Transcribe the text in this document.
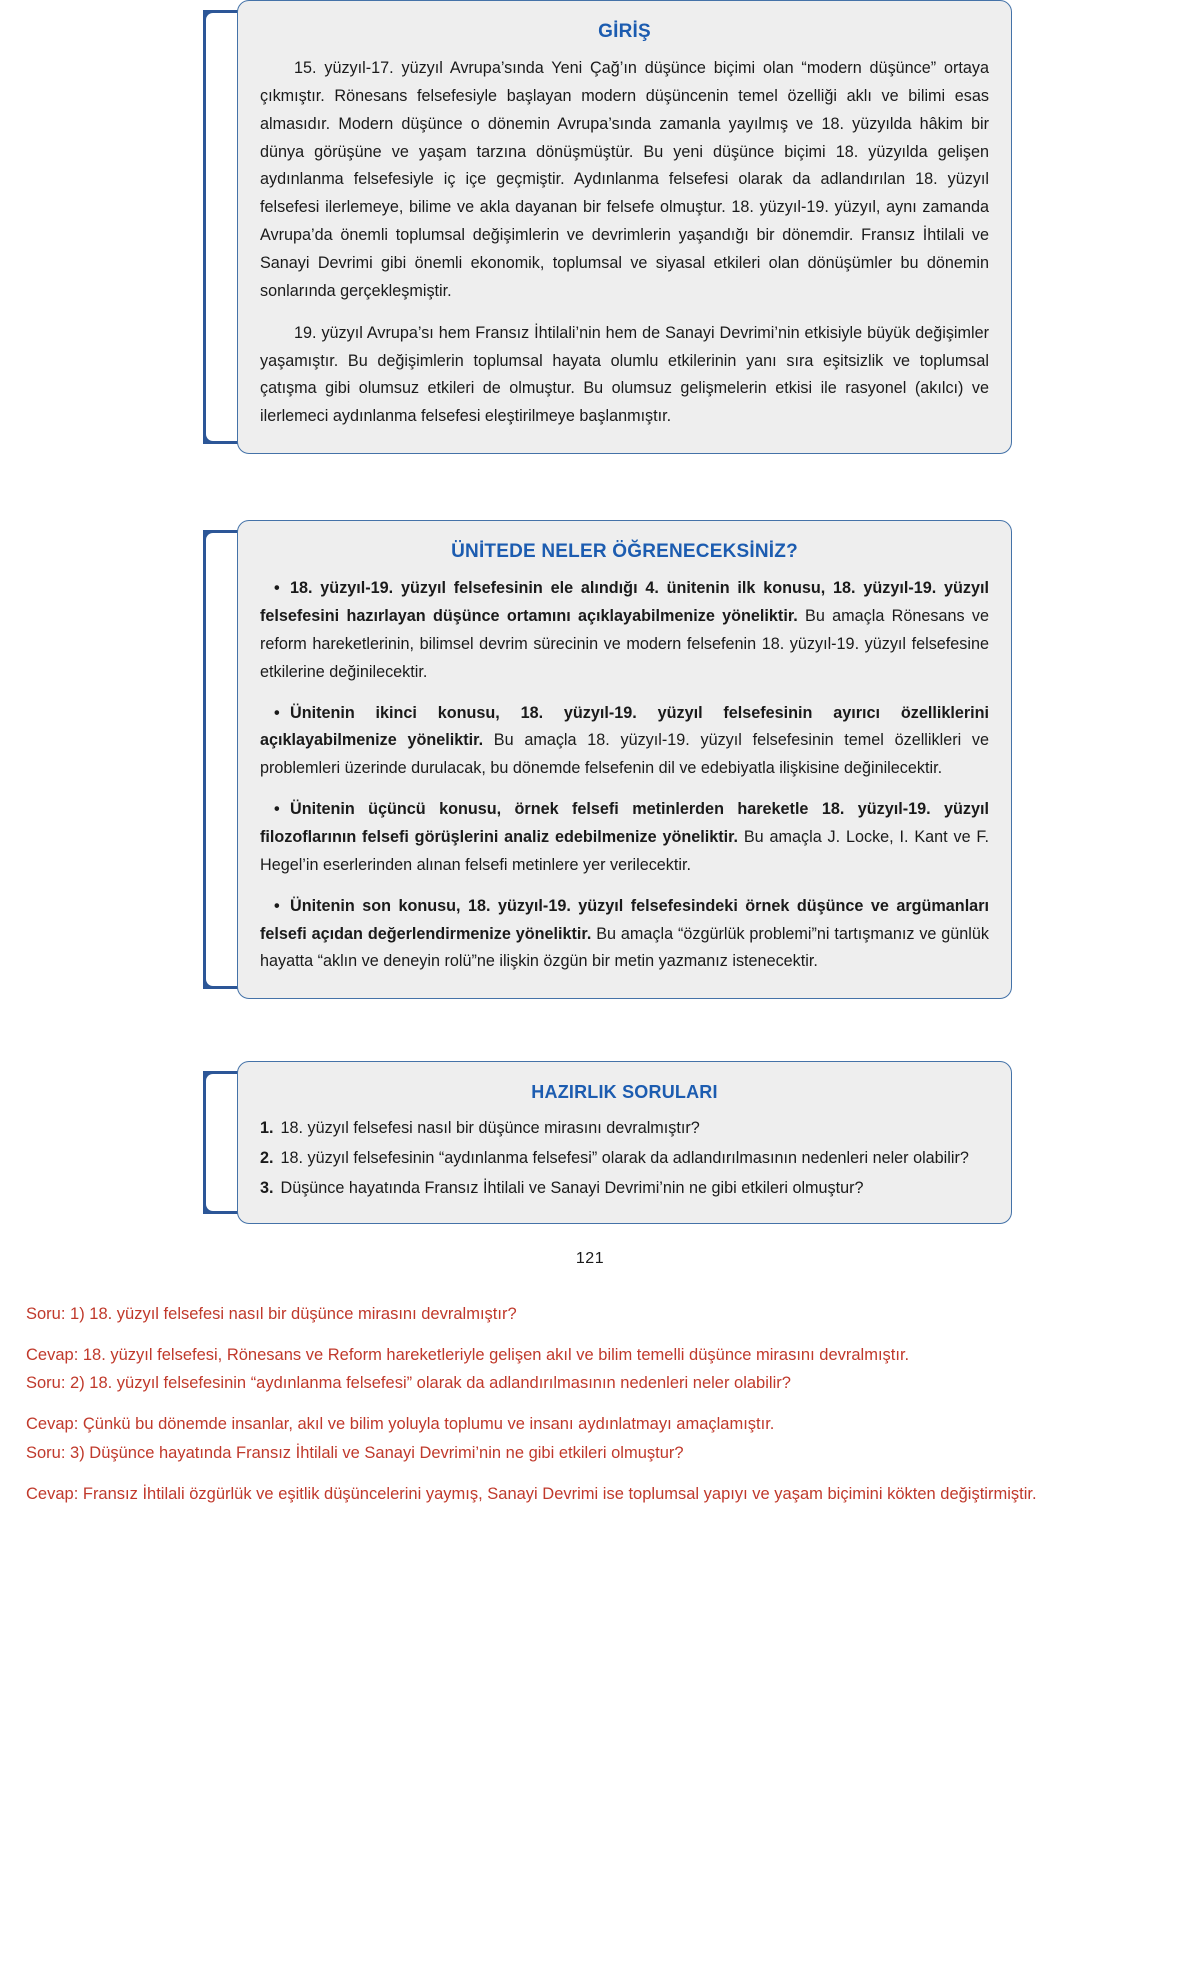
GİRİŞ

15. yüzyıl-17. yüzyıl Avrupa’sında Yeni Çağ’ın düşünce biçimi olan “modern düşünce” ortaya çıkmıştır. Rönesans felsefesiyle başlayan modern düşüncenin temel özelliği aklı ve bilimi esas almasıdır. Modern düşünce o dönemin Avrupa’sında zamanla yayılmış ve 18. yüzyılda hâkim bir dünya görüşüne ve yaşam tarzına dönüşmüştür. Bu yeni düşünce biçimi 18. yüzyılda gelişen aydınlanma felsefesiyle iç içe geçmiştir. Aydınlanma felsefesi olarak da adlandırılan 18. yüzyıl felsefesi ilerlemeye, bilime ve akla dayanan bir felsefe olmuştur. 18. yüzyıl-19. yüzyıl, aynı zamanda Avrupa’da önemli toplumsal değişimlerin ve devrimlerin yaşandığı bir dönemdir. Fransız İhtilali ve Sanayi Devrimi gibi önemli ekonomik, toplumsal ve siyasal etkileri olan dönüşümler bu dönemin sonlarında gerçekleşmiştir.

19. yüzyıl Avrupa’sı hem Fransız İhtilali’nin hem de Sanayi Devrimi’nin etkisiyle büyük değişimler yaşamıştır. Bu değişimlerin toplumsal hayata olumlu etkilerinin yanı sıra eşitsizlik ve toplumsal çatışma gibi olumsuz etkileri de olmuştur. Bu olumsuz gelişmelerin etkisi ile rasyonel (akılcı) ve ilerlemeci aydınlanma felsefesi eleştirilmeye başlanmıştır.

ÜNİTEDE NELER ÖĞRENECEKSİNİZ?

• 18. yüzyıl-19. yüzyıl felsefesinin ele alındığı 4. ünitenin ilk konusu, 18. yüzyıl-19. yüzyıl felsefesini hazırlayan düşünce ortamını açıklayabilmenize yöneliktir. Bu amaçla Rönesans ve reform hareketlerinin, bilimsel devrim sürecinin ve modern felsefenin 18. yüzyıl-19. yüzyıl felsefesine etkilerine değinilecektir.

• Ünitenin ikinci konusu, 18. yüzyıl-19. yüzyıl felsefesinin ayırıcı özelliklerini açıklayabilmenize yöneliktir. Bu amaçla 18. yüzyıl-19. yüzyıl felsefesinin temel özellikleri ve problemleri üzerinde durulacak, bu dönemde felsefenin dil ve edebiyatla ilişkisine değinilecektir.

• Ünitenin üçüncü konusu, örnek felsefi metinlerden hareketle 18. yüzyıl-19. yüzyıl filozoflarının felsefi görüşlerini analiz edebilmenize yöneliktir. Bu amaçla J. Locke, I. Kant ve F. Hegel’in eserlerinden alınan felsefi metinlere yer verilecektir.

• Ünitenin son konusu, 18. yüzyıl-19. yüzyıl felsefesindeki örnek düşünce ve argümanları felsefi açıdan değerlendirmenize yöneliktir. Bu amaçla “özgürlük problemi”ni tartışmanız ve günlük hayatta “aklın ve deneyin rolü”ne ilişkin özgün bir metin yazmanız istenecektir.

HAZIRLIK SORULARI

1. 18. yüzyıl felsefesi nasıl bir düşünce mirasını devralmıştır?

2. 18. yüzyıl felsefesinin “aydınlanma felsefesi” olarak da adlandırılmasının nedenleri neler olabilir?

3. Düşünce hayatında Fransız İhtilali ve Sanayi Devrimi’nin ne gibi etkileri olmuştur?

121
Soru: 1) 18. yüzyıl felsefesi nasıl bir düşünce mirasını devralmıştır?
Cevap: 18. yüzyıl felsefesi, Rönesans ve Reform hareketleriyle gelişen akıl ve bilim temelli düşünce mirasını devralmıştır.
Soru: 2) 18. yüzyıl felsefesinin “aydınlanma felsefesi” olarak da adlandırılmasının nedenleri neler olabilir?
Cevap: Çünkü bu dönemde insanlar, akıl ve bilim yoluyla toplumu ve insanı aydınlatmayı amaçlamıştır.
Soru: 3) Düşünce hayatında Fransız İhtilali ve Sanayi Devrimi’nin ne gibi etkileri olmuştur?
Cevap: Fransız İhtilali özgürlük ve eşitlik düşüncelerini yaymış, Sanayi Devrimi ise toplumsal yapıyı ve yaşam biçimini kökten değiştirmiştir.
